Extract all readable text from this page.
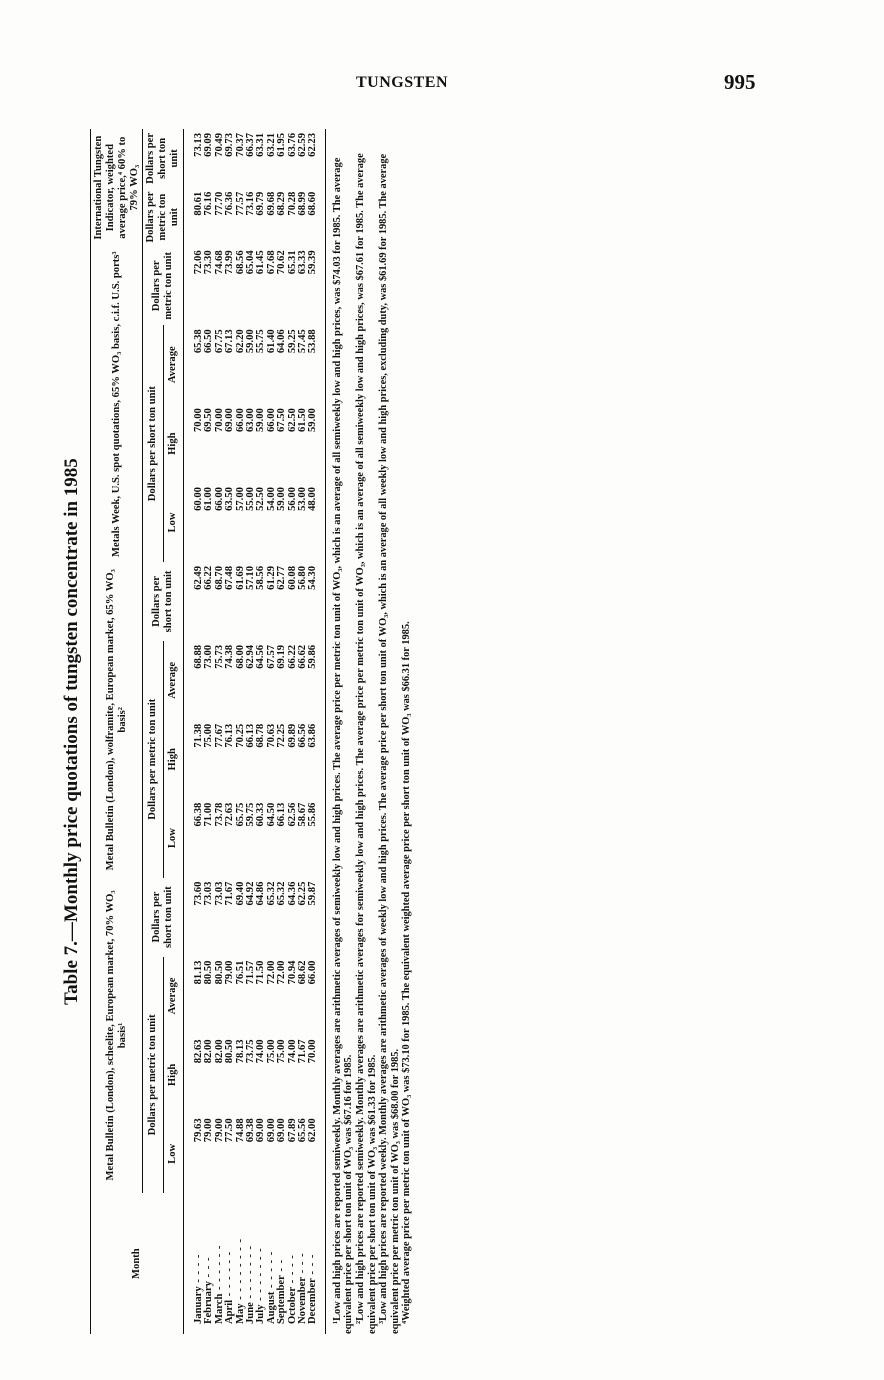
TUNGSTEN	995
Table 7.—Monthly price quotations of tungsten concentrate in 1985
Month	Metal Bulletin (London), scheelite, European market, 70% WO₃ basis¹				Metal Bulletin (London), wolframite, European market, 65% WO₃ basis²				Metals Week, U.S. spot quotations, 65% WO₃ basis, c.i.f. U.S. ports³				International Tungsten Indicator, weighted average price,⁴ 60% to 79% WO₃	
	Dollars per metric ton unit			Dollars per short ton unit	Dollars per metric ton unit			Dollars per short ton unit	Dollars per short ton unit			Dollars per metric ton unit	Dollars per metric ton unit	Dollars per short ton unit
	Low	High	Average		Low	High	Average		Low	High	Average			
January - - - -	79.63	82.63	81.13	73.60	66.38	71.38	68.88	62.49	60.00	70.00	65.38	72.06	80.61	73.13
February - - -	79.00	82.00	80.50	73.03	71.00	75.00	73.00	66.22	61.00	69.50	66.50	73.30	76.16	69.09
March - - - - - -	79.00	82.00	80.50	73.03	73.78	77.67	75.73	68.70	66.00	70.00	67.75	74.68	77.70	70.49
April - - - - - -	77.50	80.50	79.00	71.67	72.63	76.13	74.38	67.48	63.50	69.00	67.13	73.99	76.36	69.73
May - - - - - - - -	74.88	78.13	76.51	69.40	65.75	70.25	68.00	61.69	57.00	66.00	62.20	68.56	77.57	70.37
June - - - - - - -	69.38	73.75	71.57	64.92	59.75	66.13	62.94	57.10	55.00	63.00	59.00	65.04	73.16	66.37
July - - - - - - -	69.00	74.00	71.50	64.86	60.33	68.78	64.56	58.56	52.50	59.00	55.75	61.45	69.79	63.31
August - - - - -	69.00	75.00	72.00	65.32	64.50	70.63	67.57	61.29	54.00	66.00	61.40	67.68	69.68	63.21
September - -	69.00	75.00	72.00	65.32	66.13	72.25	69.19	62.77	59.00	67.50	64.06	70.62	68.29	61.95
October - - - -	67.89	74.00	70.94	64.36	62.56	69.89	66.22	60.08	56.00	62.50	59.25	65.31	70.28	63.76
November - - -	65.56	71.67	68.62	62.25	58.67	66.56	66.62	56.80	53.00	61.50	57.45	63.33	68.99	62.59
December - - -	62.00	70.00	66.00	59.87	55.86	63.86	59.86	54.30	48.00	59.00	53.88	59.39	68.60	62.23

¹Low and high prices are reported semiweekly. Monthly averages are arithmetic averages of semiweekly low and high prices. The average price per metric ton unit of WO₃, which is an average of all semiweekly low and high prices, was $74.03 for 1985. The average equivalent price per short ton unit of WO₃ was $67.16 for 1985. ²Low and high prices are reported semiweekly. Monthly averages are arithmetic averages for semiweekly low and high prices. The average price per metric ton unit of WO₃, which is an average of all semiweekly low and high prices, was $67.61 for 1985. The average equivalent price per short ton unit of WO₃ was $61.33 for 1985. ³Low and high prices are reported weekly. Monthly averages are arithmetic averages of weekly low and high prices. The average price per short ton unit of WO₃, which is an average of all weekly low and high prices, excluding duty, was $61.69 for 1985. The average equivalent price per metric ton unit of WO₃ was $68.00 for 1985. ⁴Weighted average price per metric ton unit of WO₃ was $73.10 for 1985. The equivalent weighted average price per short ton unit of WO₃ was $66.31 for 1985.
